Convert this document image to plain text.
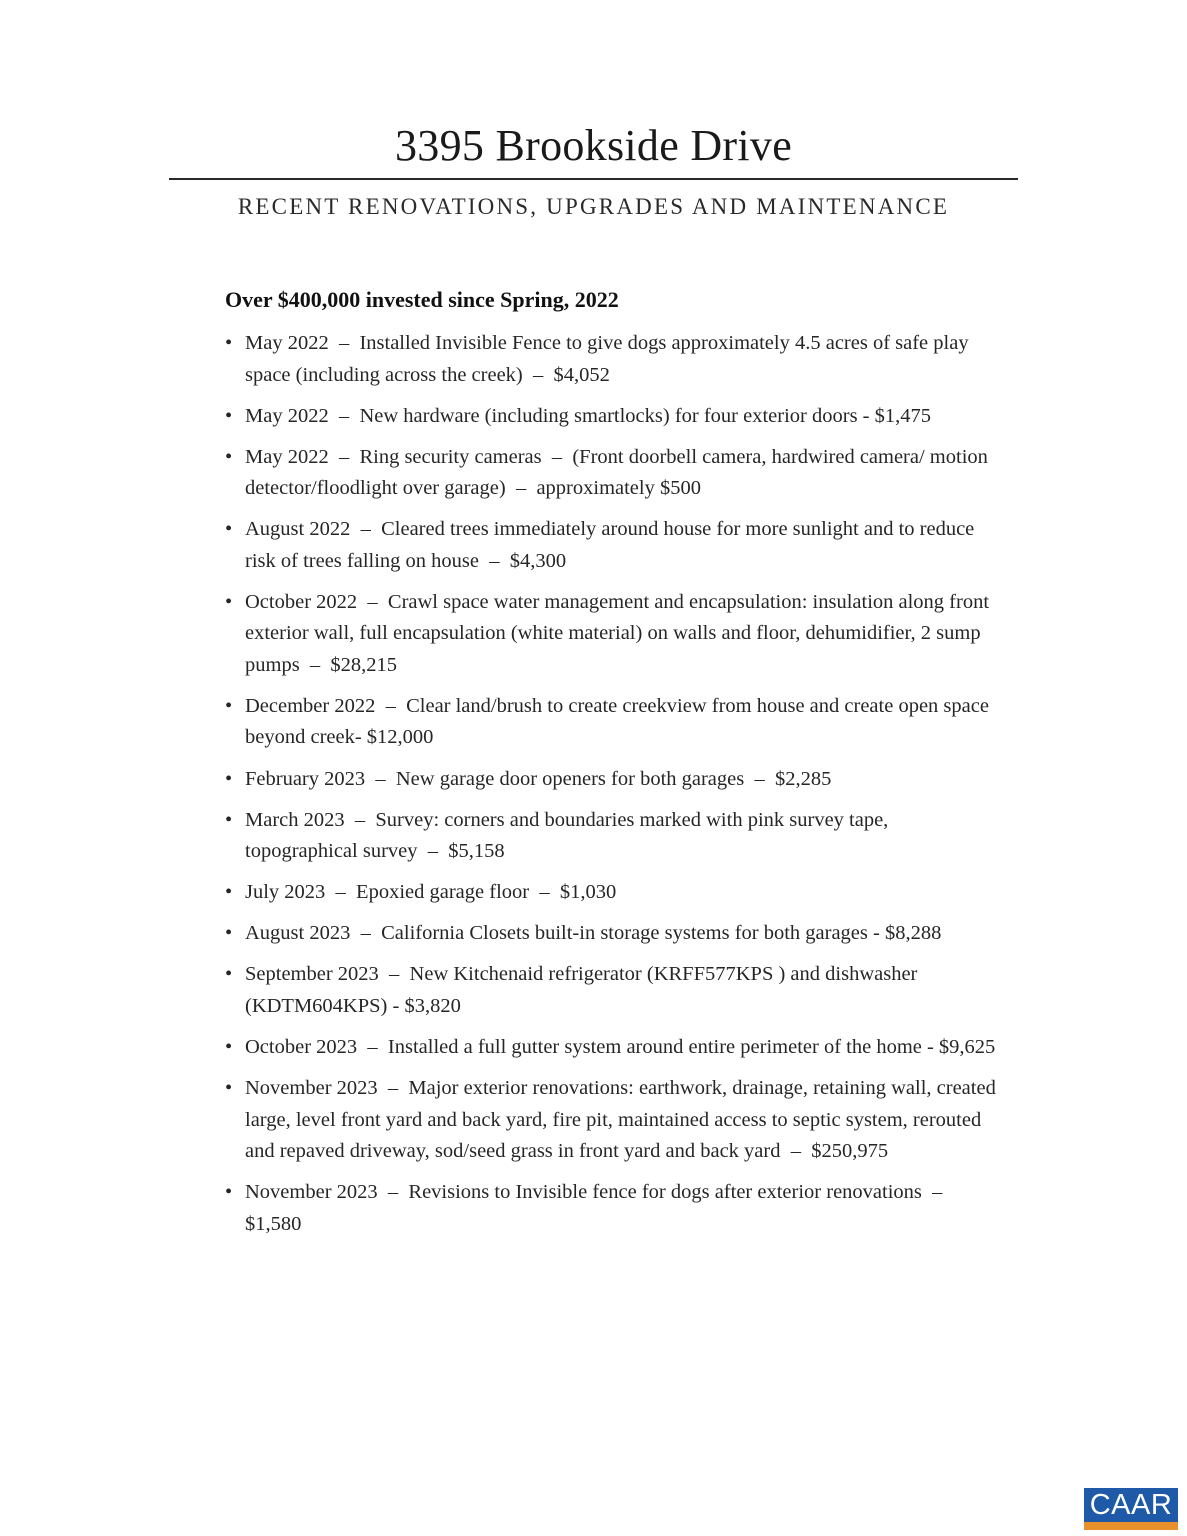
3395 Brookside Drive
RECENT RENOVATIONS, UPGRADES AND MAINTENANCE
Over $400,000 invested since Spring, 2022
• May 2022  –  Installed Invisible Fence to give dogs approximately 4.5 acres of safe play space (including across the creek)  –  $4,052
• May 2022  –  New hardware (including smartlocks) for four exterior doors - $1,475
• May 2022  –  Ring security cameras  –  (Front doorbell camera, hardwired camera/ motion detector/floodlight over garage)  –  approximately $500
• August 2022  –  Cleared trees immediately around house for more sunlight and to reduce risk of trees falling on house  –  $4,300
• October 2022  –  Crawl space water management and encapsulation: insulation along front exterior wall, full encapsulation (white material) on walls and floor, dehumidifier, 2 sump pumps  –  $28,215
• December 2022  –  Clear land/brush to create creekview from house and create open space beyond creek- $12,000
• February 2023  –  New garage door openers for both garages  –  $2,285
• March 2023  –  Survey: corners and boundaries marked with pink survey tape, topographical survey  –  $5,158
• July 2023  –  Epoxied garage floor  –  $1,030
• August 2023  –  California Closets built-in storage systems for both garages - $8,288
• September 2023  –  New Kitchenaid refrigerator (KRFF577KPS ) and dishwasher (KDTM604KPS) - $3,820
• October 2023  –  Installed a full gutter system around entire perimeter of the home - $9,625
• November 2023  –  Major exterior renovations: earthwork, drainage, retaining wall, created large, level front yard and back yard, fire pit, maintained access to septic system, rerouted and repaved driveway, sod/seed grass in front yard and back yard  –  $250,975
• November 2023  –  Revisions to Invisible fence for dogs after exterior renovations  –  $1,580
CAAR
